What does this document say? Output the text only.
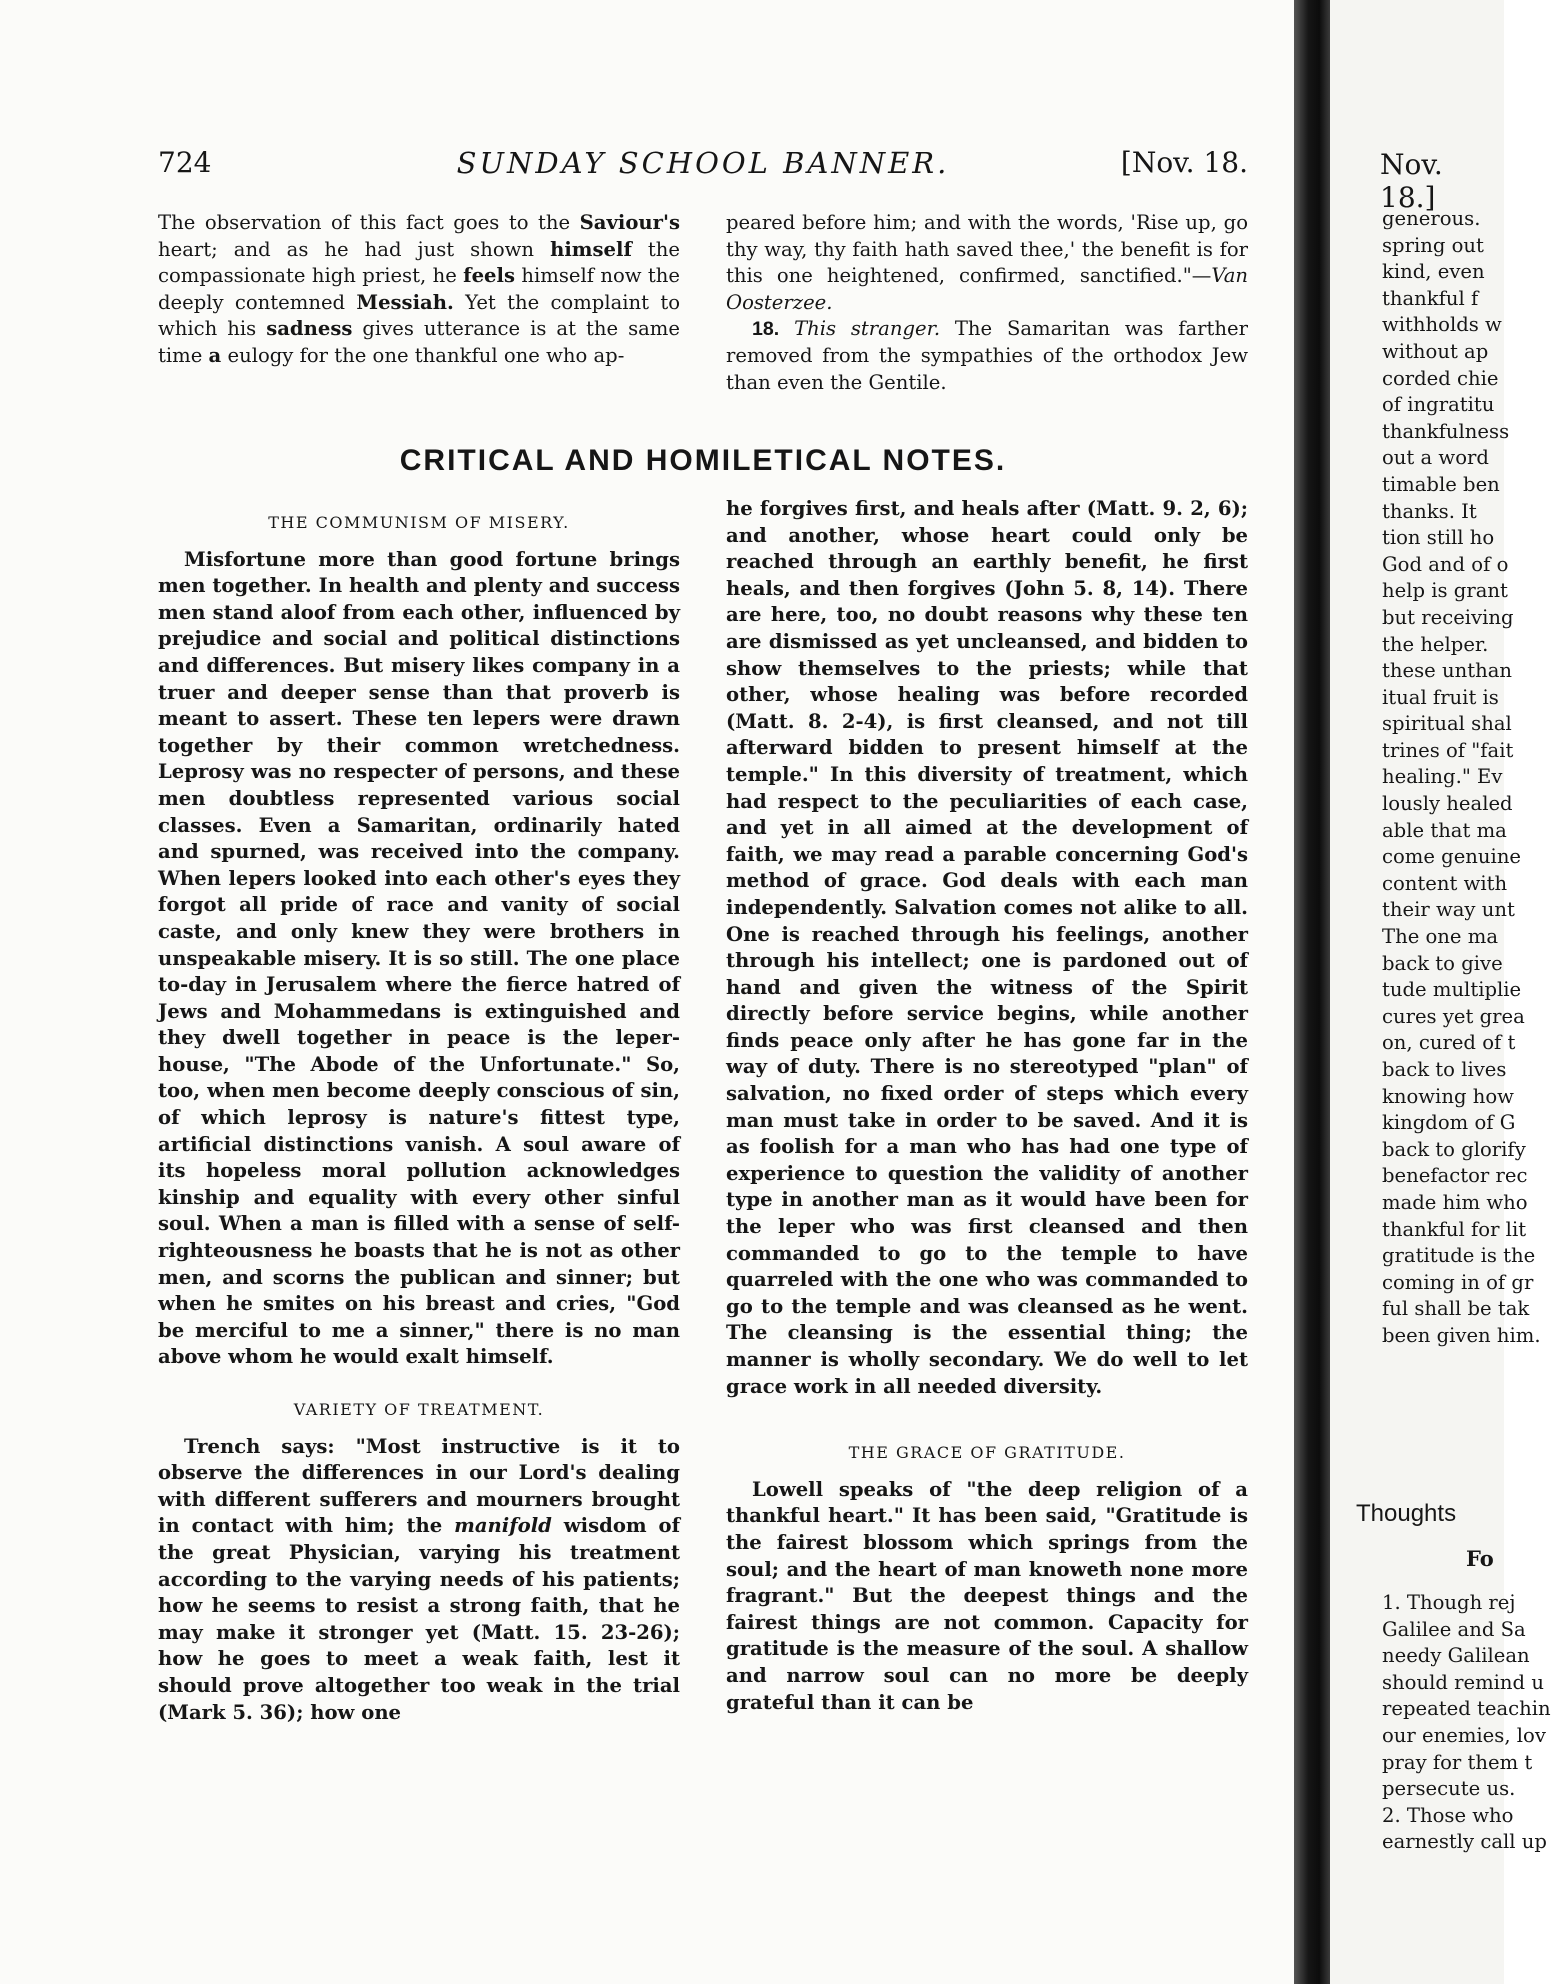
724	SUNDAY SCHOOL BANNER.	[Nov. 18.

The observation of this fact goes to the Saviour's heart; and as he had just shown himself the compassionate high priest, he feels himself now the deeply contemned Messiah. Yet the complaint to which his sadness gives utterance is at the same time a eulogy for the one thankful one who ap-

peared before him; and with the words, 'Rise up, go thy way, thy faith hath saved thee,' the benefit is for this one heightened, confirmed, sanctified."—Van Oosterzee.

18. This stranger. The Samaritan was farther removed from the sympathies of the orthodox Jew than even the Gentile.

CRITICAL AND HOMILETICAL NOTES.
THE COMMUNISM OF MISERY.

Misfortune more than good fortune brings men together. In health and plenty and success men stand aloof from each other, influenced by prejudice and social and political distinctions and differences. But misery likes company in a truer and deeper sense than that proverb is meant to assert. These ten lepers were drawn together by their common wretchedness. Leprosy was no respecter of persons, and these men doubtless represented various social classes. Even a Samaritan, ordinarily hated and spurned, was received into the company. When lepers looked into each other's eyes they forgot all pride of race and vanity of social caste, and only knew they were brothers in unspeakable misery. It is so still. The one place to-day in Jerusalem where the fierce hatred of Jews and Mohammedans is extinguished and they dwell together in peace is the leper-house, "The Abode of the Unfortunate." So, too, when men become deeply conscious of sin, of which leprosy is nature's fittest type, artificial distinctions vanish. A soul aware of its hopeless moral pollution acknowledges kinship and equality with every other sinful soul. When a man is filled with a sense of self-righteousness he boasts that he is not as other men, and scorns the publican and sinner; but when he smites on his breast and cries, "God be merciful to me a sinner," there is no man above whom he would exalt himself.

VARIETY OF TREATMENT.

Trench says: "Most instructive is it to observe the differences in our Lord's dealing with different sufferers and mourners brought in contact with him; the manifold wisdom of the great Physician, varying his treatment according to the varying needs of his patients; how he seems to resist a strong faith, that he may make it stronger yet (Matt. 15. 23-26); how he goes to meet a weak faith, lest it should prove altogether too weak in the trial (Mark 5. 36); how one

he forgives first, and heals after (Matt. 9. 2, 6); and another, whose heart could only be reached through an earthly benefit, he first heals, and then forgives (John 5. 8, 14). There are here, too, no doubt reasons why these ten are dismissed as yet uncleansed, and bidden to show themselves to the priests; while that other, whose healing was before recorded (Matt. 8. 2-4), is first cleansed, and not till afterward bidden to present himself at the temple." In this diversity of treatment, which had respect to the peculiarities of each case, and yet in all aimed at the development of faith, we may read a parable concerning God's method of grace. God deals with each man independently. Salvation comes not alike to all. One is reached through his feelings, another through his intellect; one is pardoned out of hand and given the witness of the Spirit directly before service begins, while another finds peace only after he has gone far in the way of duty. There is no stereotyped "plan" of salvation, no fixed order of steps which every man must take in order to be saved. And it is as foolish for a man who has had one type of experience to question the validity of another type in another man as it would have been for the leper who was first cleansed and then commanded to go to the temple to have quarreled with the one who was commanded to go to the temple and was cleansed as he went. The cleansing is the essential thing; the manner is wholly secondary. We do well to let grace work in all needed diversity.

THE GRACE OF GRATITUDE.

Lowell speaks of "the deep religion of a thankful heart." It has been said, "Gratitude is the fairest blossom which springs from the soul; and the heart of man knoweth none more fragrant." But the deepest things and the fairest things are not common. Capacity for gratitude is the measure of the soul. A shallow and narrow soul can no more be deeply grateful than it can be

Nov. 18.]
generous.
spring out
kind, even
thankful f
withholds w
without ap
corded chie
of ingratitu
thankfulness
out a word
timable ben
thanks. It
tion still ho
God and of o
help is grant
but receiving
the helper.
these unthan
itual fruit is
spiritual shal
trines of "fait
healing." Ev
lously healed
able that ma
come genuine
content with
their way unt
The one ma
back to give
tude multiplie
cures yet grea
on, cured of t
back to lives
knowing how
kingdom of G
back to glorify
benefactor rec
made him who
thankful for lit
gratitude is the
coming in of gr
ful shall be tak
been given him.
Thoughts
Fo
1. Though rej
Galilee and Sa
needy Galilean
should remind u
repeated teachin
our enemies, lov
pray for them t
persecute us.
2. Those who
earnestly call up
